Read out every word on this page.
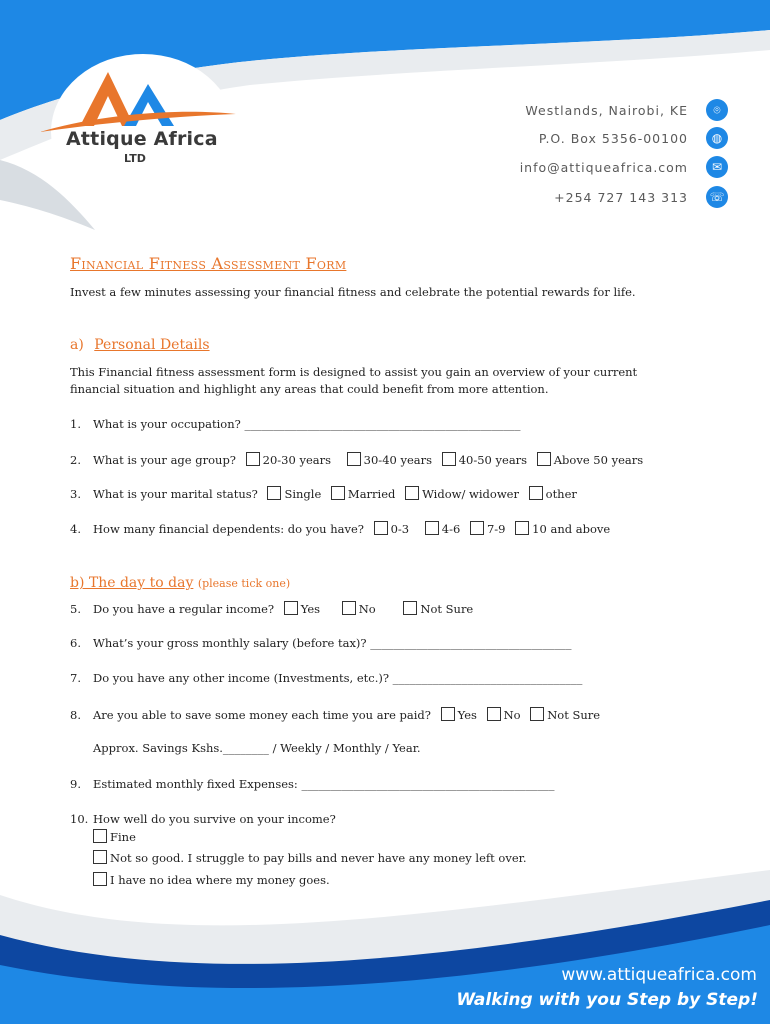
Attique Africa
LTD
Westlands, Nairobi, KE	⌾
P.O. Box 5356-00100	◍
info@attiqueafrica.com	✉
+254 727 143 313 ☏
Financial Fitness Assessment Form
Invest a few minutes assessing your financial fitness and celebrate the potential rewards for life.
a) Personal Details
This Financial fitness assessment form is designed to assist you gain an overview of your current
financial situation and highlight any areas that could benefit from more attention.
1. What is your occupation? ________________________________________________
2. What is your age group? 20-30 years	30-40 years 40-50 years Above 50 years
3. What is your marital status? Single Married Widow/ widower other
4. How many financial dependents: do you have? 0-3	4-6 7-9 10 and above
b) The day to day (please tick one)
5. Do you have a regular income? Yes	No	Not Sure
6. What’s your gross monthly salary (before tax)? ___________________________________
7. Do you have any other income (Investments, etc.)? _________________________________
8. Are you able to save some money each time you are paid? Yes No Not Sure
Approx. Savings Kshs.________ / Weekly / Monthly / Year.
9. Estimated monthly fixed Expenses: ____________________________________________
10. How well do you survive on your income?
Fine
Not so good. I struggle to pay bills and never have any money left over.
I have no idea where my money goes.
www.attiqueafrica.com
Walking with you Step by Step!
